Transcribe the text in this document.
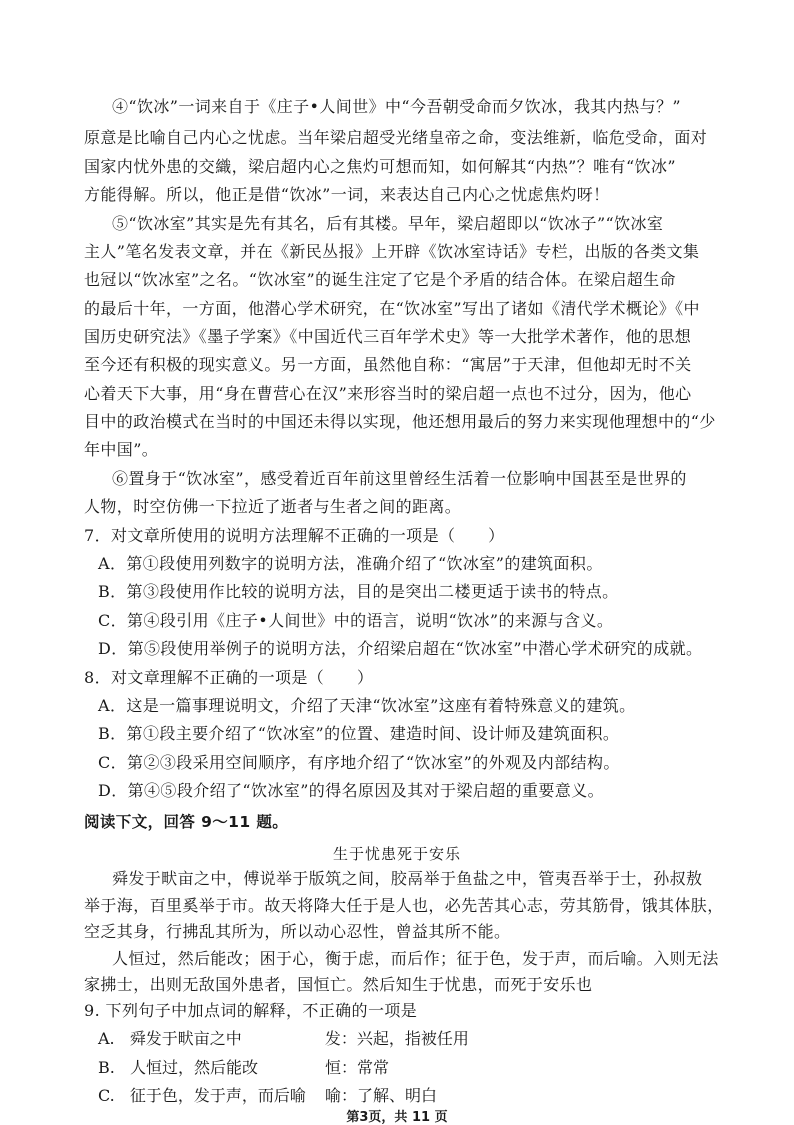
④“饮冰”一词来自于《庄子•人间世》中“今吾朝受命而夕饮冰，我其内热与？”
原意是比喻自己内心之忧虑。当年梁启超受光绪皇帝之命，变法维新，临危受命，面对
国家内忧外患的交織，梁启超内心之焦灼可想而知，如何解其“内热”？唯有“饮冰”
方能得解。所以，他正是借“饮冰”一词，来表达自己内心之忧虑焦灼呀！
⑤“饮冰室”其实是先有其名，后有其楼。早年，梁启超即以“饮冰子”“饮冰室
主人”笔名发表文章，并在《新民丛报》上开辟《饮冰室诗话》专栏，出版的各类文集
也冠以“饮冰室”之名。“饮冰室”的诞生注定了它是个矛盾的结合体。在梁启超生命
的最后十年，一方面，他潜心学术研究，在“饮冰室”写出了诸如《清代学术概论》《中
国历史研究法》《墨子学案》《中国近代三百年学术史》等一大批学术著作，他的思想
至今还有积极的现实意义。另一方面，虽然他自称：“寓居”于天津，但他却无时不关
心着天下大事，用“身在曹营心在汉”来形容当时的梁启超一点也不过分，因为，他心
目中的政治模式在当时的中国还未得以实现，他还想用最后的努力来实现他理想中的“少
年中国”。
⑥置身于“饮冰室”，感受着近百年前这里曾经生活着一位影响中国甚至是世界的
人物，时空仿佛一下拉近了逝者与生者之间的距离。
7．对文章所使用的说明方法理解不正确的一项是（　　）
A．第①段使用列数字的说明方法，准确介绍了“饮冰室”的建筑面积。
B．第③段使用作比较的说明方法，目的是突出二楼更适于读书的特点。
C．第④段引用《庄子•人间世》中的语言，说明“饮冰”的来源与含义。
D．第⑤段使用举例子的说明方法，介绍梁启超在“饮冰室”中潜心学术研究的成就。
8．对文章理解不正确的一项是（　　）
A．这是一篇事理说明文，介绍了天津“饮冰室”这座有着特殊意义的建筑。
B．第①段主要介绍了“饮冰室”的位置、建造时间、设计师及建筑面积。
C．第②③段采用空间顺序，有序地介绍了“饮冰室”的外观及内部结构。
D．第④⑤段介绍了“饮冰室”的得名原因及其对于梁启超的重要意义。
阅读下文，回答 9～11 题。
生于忧患死于安乐
舜发于畎亩之中，傅说举于版筑之间，胶鬲举于鱼盐之中，管夷吾举于士，孙叔敖
举于海，百里奚举于市。故天将降大任于是人也，必先苦其心志，劳其筋骨，饿其体肤，
空乏其身，行拂乱其所为，所以动心忍性，曾益其所不能。
人恒过，然后能改；困于心，衡于虑，而后作；征于色，发于声，而后喻。入则无法
家拂士，出则无敌国外患者，国恒亡。然后知生于忧患，而死于安乐也
9. 下列句子中加点词的解释，不正确的一项是
A. 舜发于畎亩之中	发：兴起，指被任用
B. 人恒过，然后能改	恒：常常
C. 征于色，发于声，而后喻 喻：了解、明白
第3页，共 11 页
